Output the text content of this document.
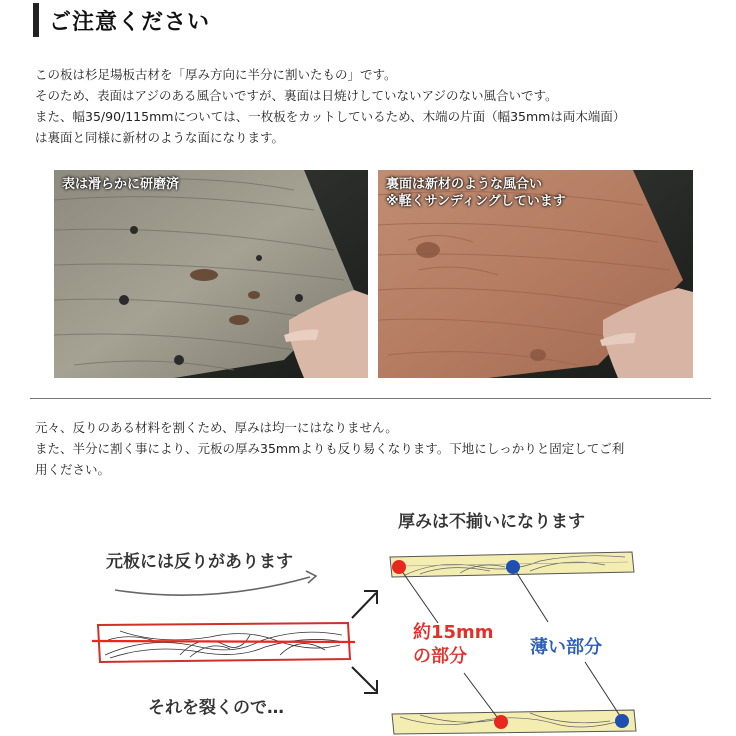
ご注意ください
この板は杉足場板古材を「厚み方向に半分に割いたもの」です。
そのため、表面はアジのある風合いですが、裏面は日焼けしていないアジのない風合いです。
また、幅35/90/115mmについては、一枚板をカットしているため、木端の片面（幅35mmは両木端面）
は裏面と同様に新材のような面になります。
表は滑らかに研磨済	裏面は新材のような風合い
※軽くサンディングしています
元々、反りのある材料を割くため、厚みは均一にはなりません。
また、半分に割く事により、元板の厚み35mmよりも反り易くなります。下地にしっかりと固定してご利
用ください。
厚みは不揃いになります
元板には反りがあります
それを裂くので…
約15mm
の部分	薄い部分
